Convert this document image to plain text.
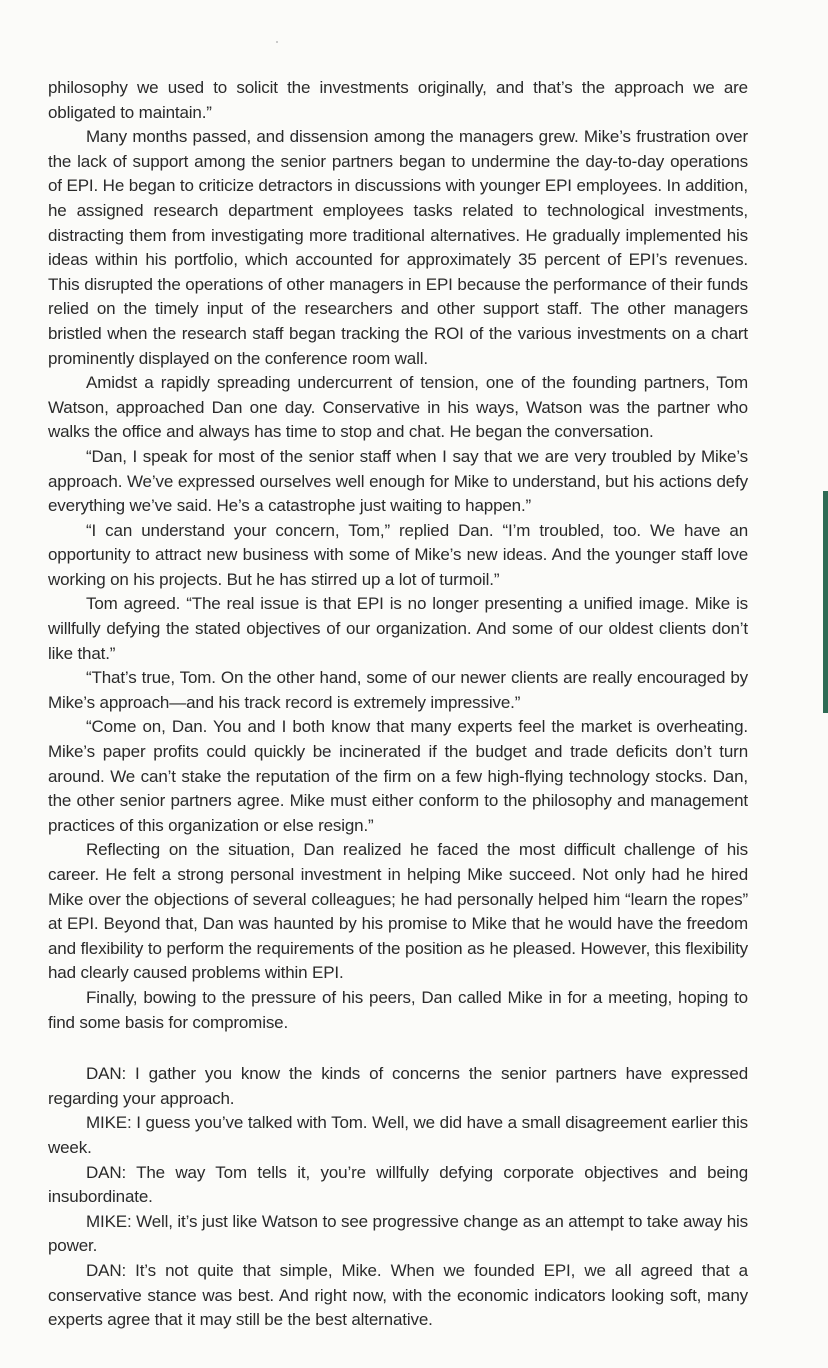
philosophy we used to solicit the investments originally, and that’s the approach we are obligated to maintain.”

Many months passed, and dissension among the managers grew. Mike’s frustration over the lack of support among the senior partners began to undermine the day-to-day operations of EPI. He began to criticize detractors in discussions with younger EPI employees. In addition, he assigned research department employees tasks related to technological investments, distracting them from investigating more traditional alternatives. He gradually implemented his ideas within his portfolio, which accounted for approximately 35 percent of EPI’s revenues. This disrupted the operations of other managers in EPI because the performance of their funds relied on the timely input of the researchers and other support staff. The other managers bristled when the research staff began tracking the ROI of the various investments on a chart prominently displayed on the conference room wall.

Amidst a rapidly spreading undercurrent of tension, one of the founding partners, Tom Watson, approached Dan one day. Conservative in his ways, Watson was the partner who walks the office and always has time to stop and chat. He began the conversation.

“Dan, I speak for most of the senior staff when I say that we are very troubled by Mike’s approach. We’ve expressed ourselves well enough for Mike to understand, but his actions defy everything we’ve said. He’s a catastrophe just waiting to happen.”

“I can understand your concern, Tom,” replied Dan. “I’m troubled, too. We have an opportunity to attract new business with some of Mike’s new ideas. And the younger staff love working on his projects. But he has stirred up a lot of turmoil.”

Tom agreed. “The real issue is that EPI is no longer presenting a unified image. Mike is willfully defying the stated objectives of our organization. And some of our oldest clients don’t like that.”

“That’s true, Tom. On the other hand, some of our newer clients are really encouraged by Mike’s approach—and his track record is extremely impressive.”

“Come on, Dan. You and I both know that many experts feel the market is overheating. Mike’s paper profits could quickly be incinerated if the budget and trade deficits don’t turn around. We can’t stake the reputation of the firm on a few high-flying technology stocks. Dan, the other senior partners agree. Mike must either conform to the philosophy and management practices of this organization or else resign.”

Reflecting on the situation, Dan realized he faced the most difficult challenge of his career. He felt a strong personal investment in helping Mike succeed. Not only had he hired Mike over the objections of several colleagues; he had personally helped him “learn the ropes” at EPI. Beyond that, Dan was haunted by his promise to Mike that he would have the freedom and flexibility to perform the requirements of the position as he pleased. However, this flexibility had clearly caused problems within EPI.

Finally, bowing to the pressure of his peers, Dan called Mike in for a meeting, hoping to find some basis for compromise.

DAN: I gather you know the kinds of concerns the senior partners have expressed regarding your approach.

MIKE: I guess you’ve talked with Tom. Well, we did have a small disagreement earlier this week.

DAN: The way Tom tells it, you’re willfully defying corporate objectives and being insubordinate.

MIKE: Well, it’s just like Watson to see progressive change as an attempt to take away his power.

DAN: It’s not quite that simple, Mike. When we founded EPI, we all agreed that a conservative stance was best. And right now, with the economic indicators looking soft, many experts agree that it may still be the best alternative.
